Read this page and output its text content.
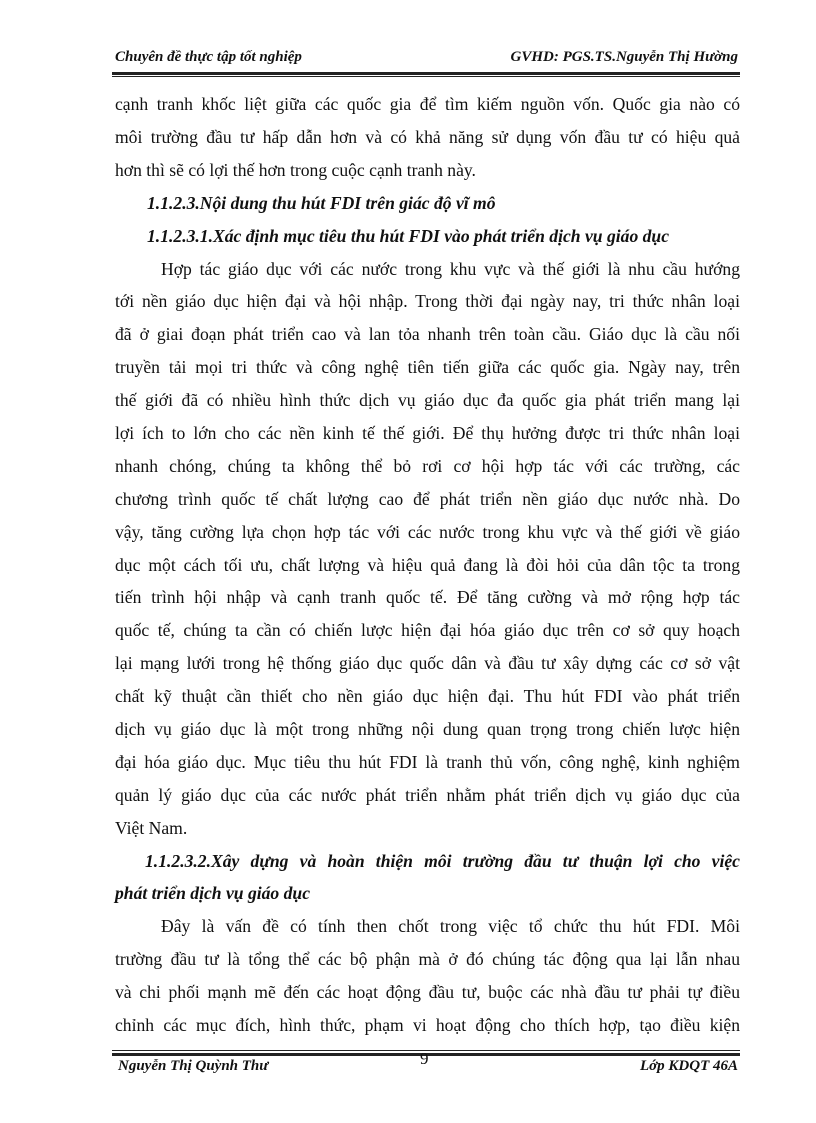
Chuyên đề thực tập tốt nghiệp	GVHD: PGS.TS.Nguyễn Thị Hường
cạnh tranh khốc liệt giữa các quốc gia để tìm kiếm nguồn vốn. Quốc gia nào có
môi trường đầu tư hấp dẫn hơn và có khả năng sử dụng vốn đầu tư có hiệu quả
hơn thì sẽ có lợi thế hơn trong cuộc cạnh tranh này.
1.1.2.3.Nội dung thu hút FDI trên giác độ vĩ mô
1.1.2.3.1.Xác định mục tiêu thu hút FDI vào phát triển dịch vụ giáo dục
Hợp tác giáo dục với các nước trong khu vực và thế giới là nhu cầu hướng
tới nền giáo dục hiện đại và hội nhập. Trong thời đại ngày nay, tri thức nhân loại
đã ở giai đoạn phát triển cao và lan tỏa nhanh trên toàn cầu. Giáo dục là cầu nối
truyền tải mọi tri thức và công nghệ tiên tiến giữa các quốc gia. Ngày nay, trên
thế giới đã có nhiều hình thức dịch vụ giáo dục đa quốc gia phát triển mang lại
lợi ích to lớn cho các nền kinh tế thế giới. Để thụ hưởng được tri thức nhân loại
nhanh chóng, chúng ta không thể bỏ rơi cơ hội hợp tác với các trường, các
chương trình quốc tế chất lượng cao để phát triển nền giáo dục nước nhà. Do
vậy, tăng cường lựa chọn hợp tác với các nước trong khu vực và thế giới về giáo
dục một cách tối ưu, chất lượng và hiệu quả đang là đòi hỏi của dân tộc ta trong
tiến trình hội nhập và cạnh tranh quốc tế. Để tăng cường và mở rộng hợp tác
quốc tế, chúng ta cần có chiến lược hiện đại hóa giáo dục trên cơ sở quy hoạch
lại mạng lưới trong hệ thống giáo dục quốc dân và đầu tư xây dựng các cơ sở vật
chất kỹ thuật cần thiết cho nền giáo dục hiện đại. Thu hút FDI vào phát triển
dịch vụ giáo dục là một trong những nội dung quan trọng trong chiến lược hiện
đại hóa giáo dục. Mục tiêu thu hút FDI là tranh thủ vốn, công nghệ, kinh nghiệm
quản lý giáo dục của các nước phát triển nhằm phát triển dịch vụ giáo dục của
Việt Nam.
1.1.2.3.2.Xây dựng và hoàn thiện môi trường đầu tư thuận lợi cho việc
phát triển dịch vụ giáo dục
Đây là vấn đề có tính then chốt trong việc tổ chức thu hút FDI. Môi
trường đầu tư là tổng thể các bộ phận mà ở đó chúng tác động qua lại lẫn nhau
và chi phối mạnh mẽ đến các hoạt động đầu tư, buộc các nhà đầu tư phải tự điều
chỉnh các mục đích, hình thức, phạm vi hoạt động cho thích hợp, tạo điều kiện
Nguyễn Thị Quỳnh Thư	9	Lớp KDQT 46A
